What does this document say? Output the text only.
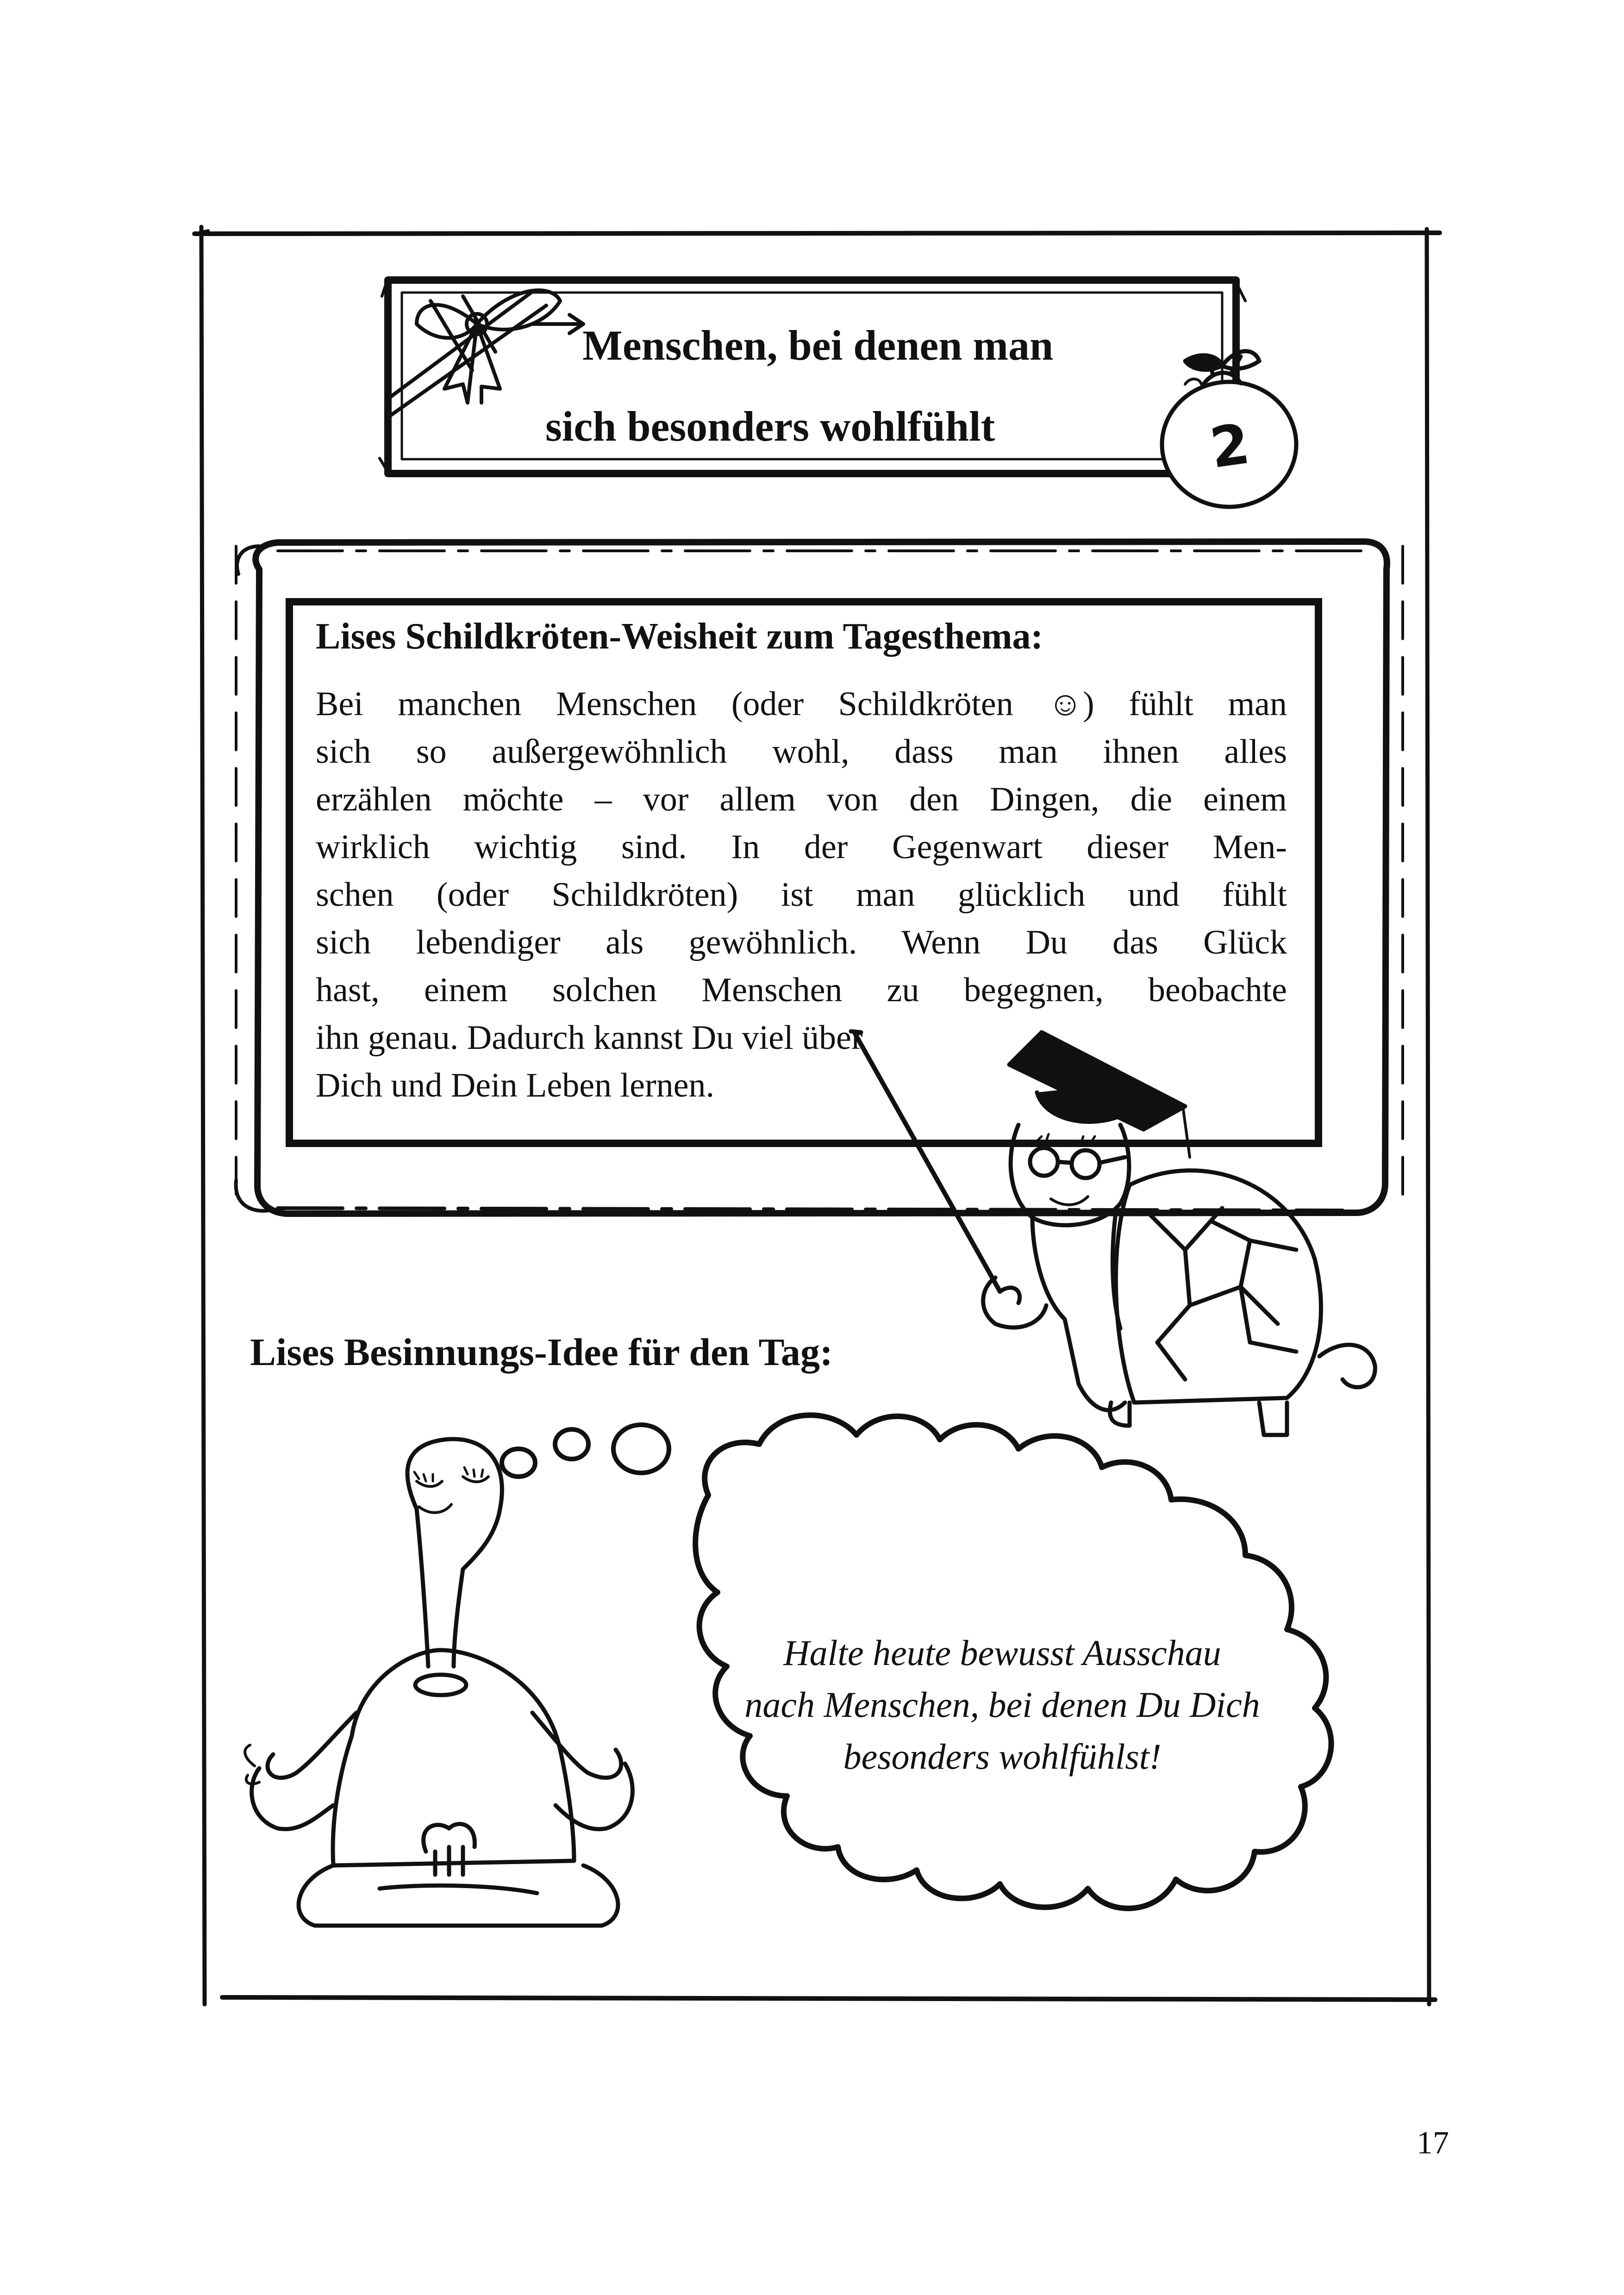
Menschen, bei denen man
sich besonders wohlfühlt	2
Lises Schildkröten-Weisheit zum Tagesthema:
Bei manchen Menschen (oder Schildkröten ☺) fühlt man
sich so außergewöhnlich wohl, dass man ihnen alles
erzählen möchte – vor allem von den Dingen, die einem
wirklich wichtig sind. In der Gegenwart dieser Men-
schen (oder Schildkröten) ist man glücklich und fühlt
sich lebendiger als gewöhnlich. Wenn Du das Glück
hast, einem solchen Menschen zu begegnen, beobachte
ihn genau. Dadurch kannst Du viel über
Dich und Dein Leben lernen.
Lises Besinnungs-Idee für den Tag:
Halte heute bewusst Ausschau
nach Menschen, bei denen Du Dich
besonders wohlfühlst!
17
